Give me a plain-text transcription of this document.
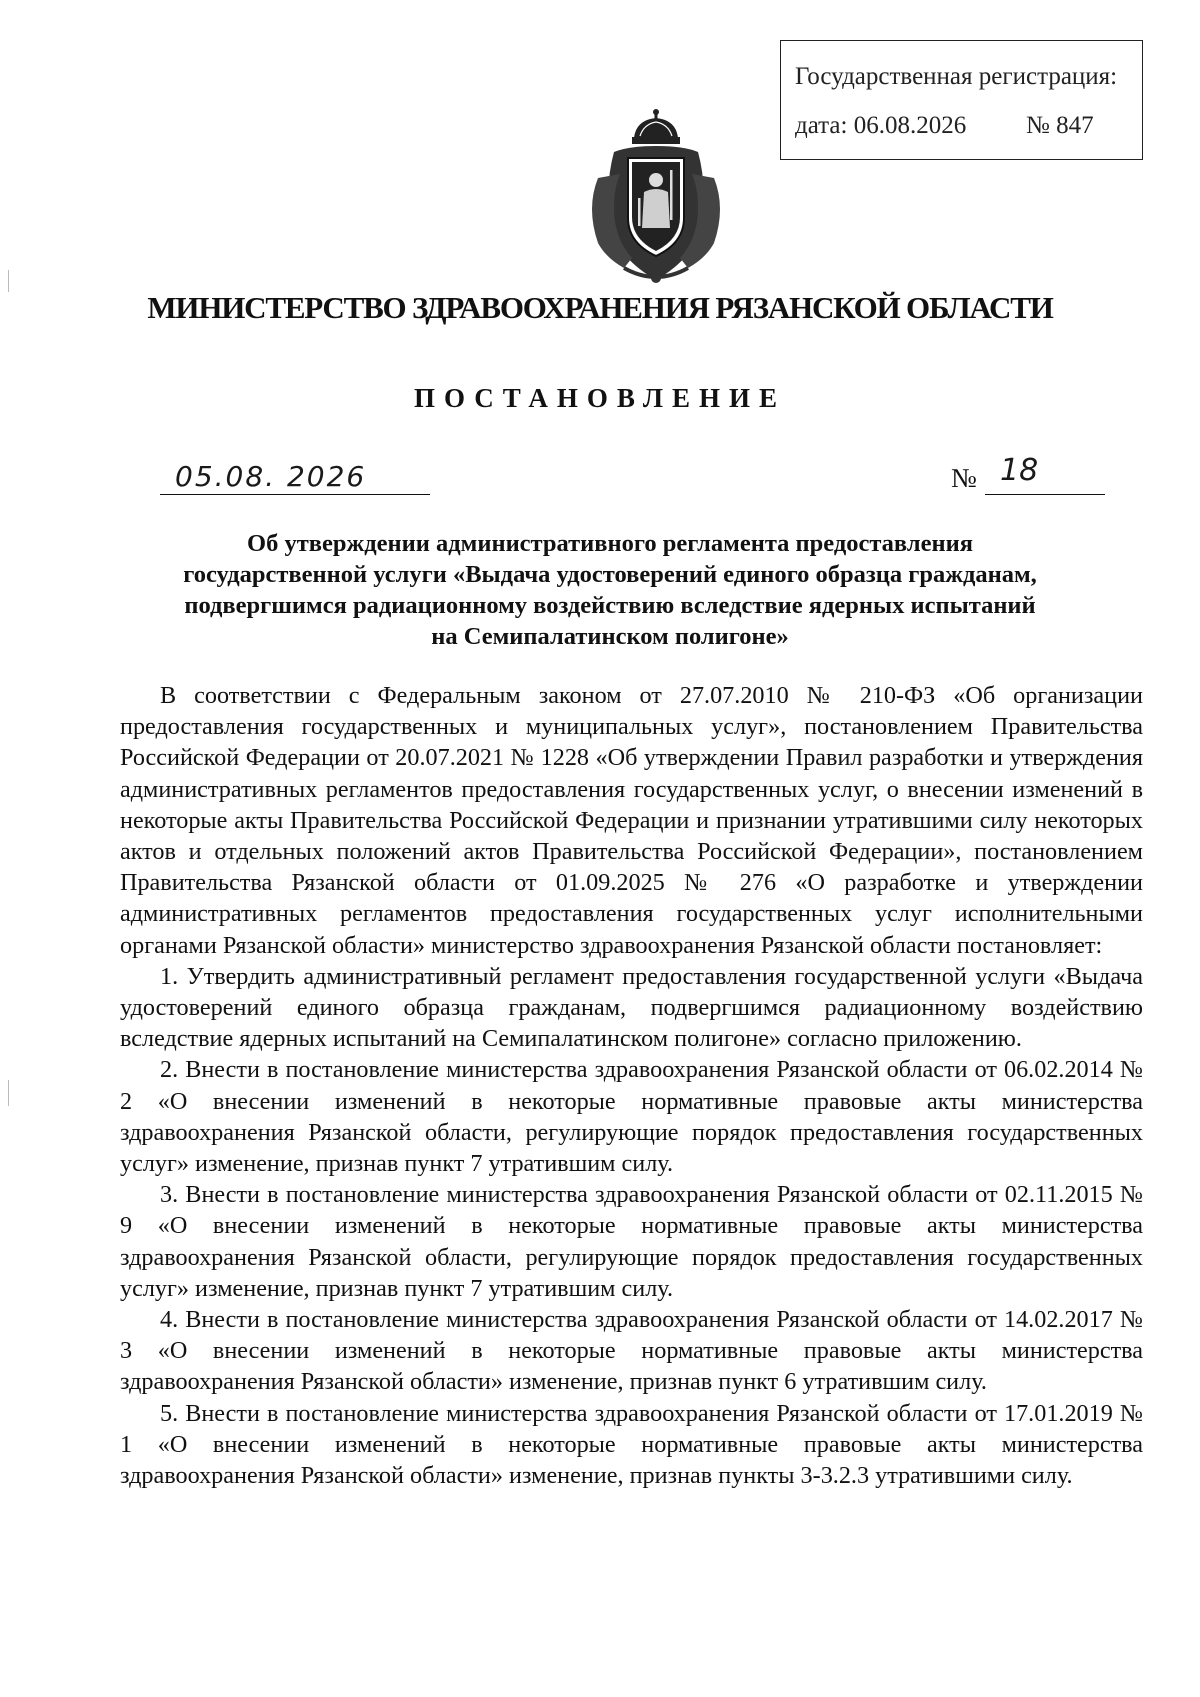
Государственная регистрация:
дата: 06.08.2026 № 847
МИНИСТЕРСТВО ЗДРАВООХРАНЕНИЯ РЯЗАНСКОЙ ОБЛАСТИ
ПОСТАНОВЛЕНИЕ
05.08. 2026	№ 18
Об утверждении административного регламента предоставления
государственной услуги «Выдача удостоверений единого образца гражданам,
подвергшимся радиационному воздействию вследствие ядерных испытаний
на Семипалатинском полигоне»

В соответствии с Федеральным законом от 27.07.2010 № 210-ФЗ «Об организации предоставления государственных и муниципальных услуг», постановлением Правительства Российской Федерации от 20.07.2021 № 1228 «Об утверждении Правил разработки и утверждения административных регламентов предоставления государственных услуг, о внесении изменений в некоторые акты Правительства Российской Федерации и признании утратившими силу некоторых актов и отдельных положений актов Правительства Российской Федерации», постановлением Правительства Рязанской области от 01.09.2025 № 276 «О разработке и утверждении административных регламентов предоставления государственных услуг исполнительными органами Рязанской области» министерство здравоохранения Рязанской области постановляет:

1. Утвердить административный регламент предоставления государственной услуги «Выдача удостоверений единого образца гражданам, подвергшимся радиационному воздействию вследствие ядерных испытаний на Семипалатинском полигоне» согласно приложению.

2. Внести в постановление министерства здравоохранения Рязанской области от 06.02.2014 № 2 «О внесении изменений в некоторые нормативные правовые акты министерства здравоохранения Рязанской области, регулирующие порядок предоставления государственных услуг» изменение, признав пункт 7 утратившим силу.

3. Внести в постановление министерства здравоохранения Рязанской области от 02.11.2015 № 9 «О внесении изменений в некоторые нормативные правовые акты министерства здравоохранения Рязанской области, регулирующие порядок предоставления государственных услуг» изменение, признав пункт 7 утратившим силу.

4. Внести в постановление министерства здравоохранения Рязанской области от 14.02.2017 № 3 «О внесении изменений в некоторые нормативные правовые акты министерства здравоохранения Рязанской области» изменение, признав пункт 6 утратившим силу.

5. Внести в постановление министерства здравоохранения Рязанской области от 17.01.2019 № 1 «О внесении изменений в некоторые нормативные правовые акты министерства здравоохранения Рязанской области» изменение, признав пункты 3-3.2.3 утратившими силу.
